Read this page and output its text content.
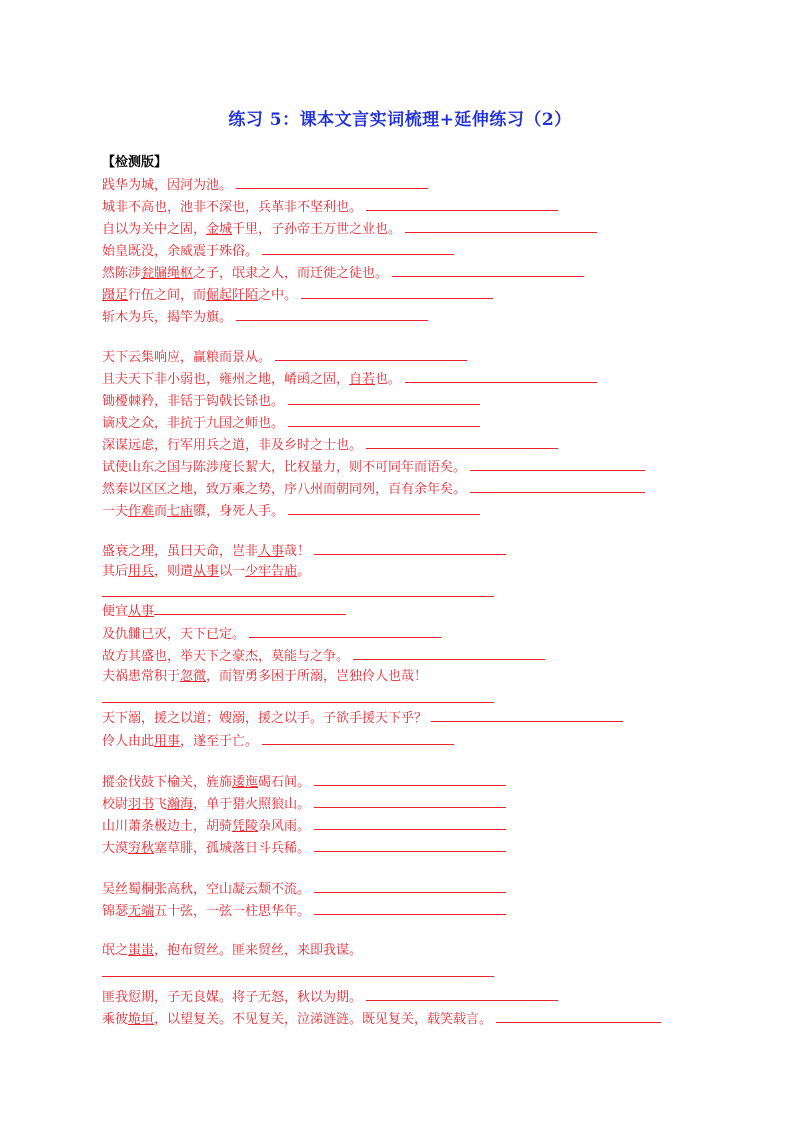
练习 5：课本文言实词梳理+延伸练习（2）
【检测版】
践华为城，因河为池。
城非不高也，池非不深也，兵革非不坚利也。
自以为关中之固，金城千里，子孙帝王万世之业也。
始皇既没，余威震于殊俗。
然陈涉瓮牖绳枢之子，氓隶之人，而迁徙之徒也。
蹑足行伍之间，而倔起阡陌之中。
斩木为兵，揭竿为旗。
天下云集响应，赢粮而景从。
且夫天下非小弱也，雍州之地，崤函之固，自若也。
锄櫌棘矜，非铦于钩戟长铩也。
谪戍之众，非抗于九国之师也。
深谋远虑，行军用兵之道，非及乡时之士也。
试使山东之国与陈涉度长絜大，比权量力，则不可同年而语矣。
然秦以区区之地，致万乘之势，序八州而朝同列，百有余年矣。
一夫作难而七庙隳，身死人手。
盛衰之理，虽曰天命，岂非人事哉！
其后用兵，则遣从事以一少牢告庙。
便宜从事
及仇雠已灭，天下已定。
故方其盛也，举天下之豪杰，莫能与之争。
夫祸患常积于忽微，而智勇多困于所溺，岂独伶人也哉！
天下溺，援之以道；嫂溺，援之以手。子欲手援天下乎？
伶人由此用事，遂至于亡。
摐金伐鼓下榆关，旌旆逶迤碣石间。
校尉羽书飞瀚海，单于猎火照狼山。
山川萧条极边土，胡骑凭陵杂风雨。
大漠穷秋塞草腓，孤城落日斗兵稀。
吴丝蜀桐张高秋，空山凝云颓不流。
锦瑟无端五十弦，一弦一柱思华年。
氓之蚩蚩，抱布贸丝。匪来贸丝，来即我谋。
匪我愆期，子无良媒。将子无怒，秋以为期。
乘彼垝垣，以望复关。不见复关，泣涕涟涟。既见复关，载笑载言。
